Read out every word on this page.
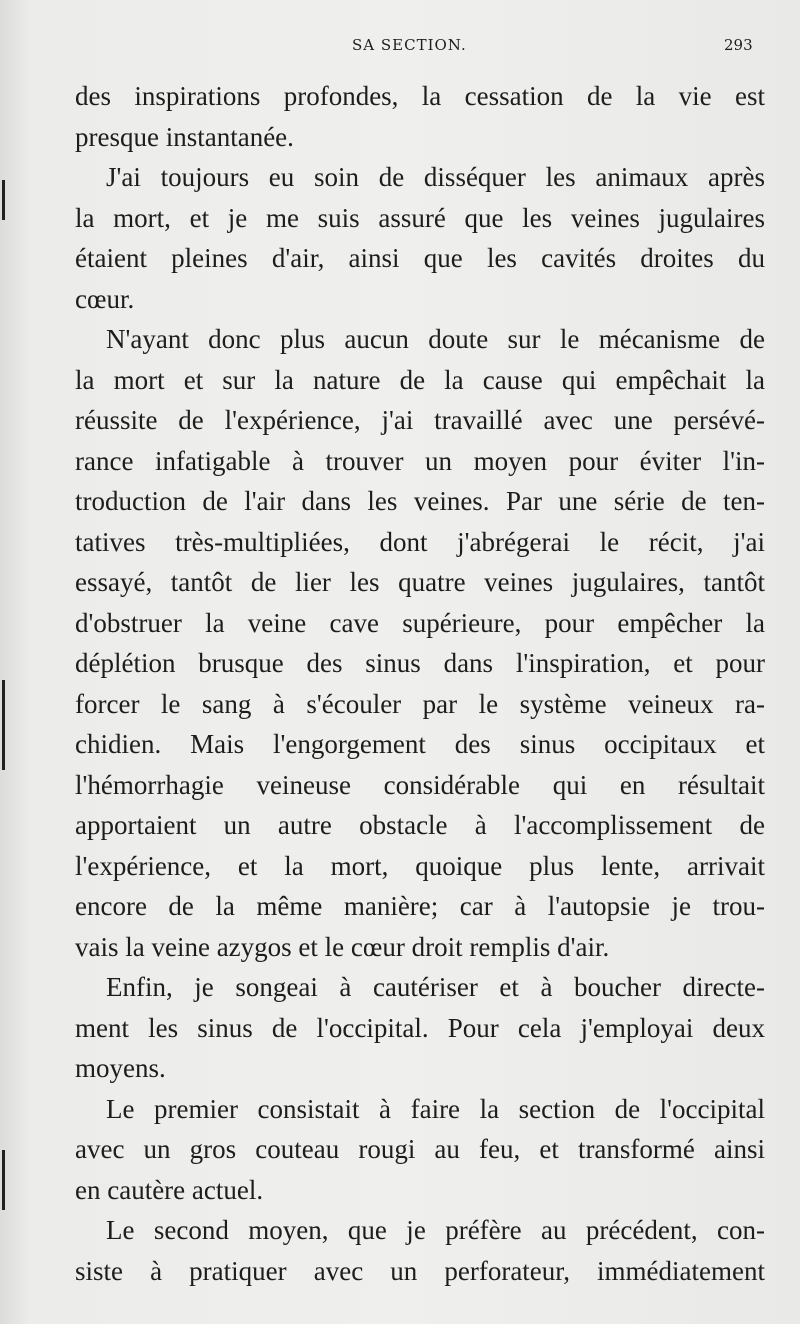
SA SECTION.	293
des inspirations profondes, la cessation de la vie est
presque instantanée.
J'ai toujours eu soin de disséquer les animaux après
la mort, et je me suis assuré que les veines jugulaires
étaient pleines d'air, ainsi que les cavités droites du
cœur.
N'ayant donc plus aucun doute sur le mécanisme de
la mort et sur la nature de la cause qui empêchait la
réussite de l'expérience, j'ai travaillé avec une persévé-
rance infatigable à trouver un moyen pour éviter l'in-
troduction de l'air dans les veines. Par une série de ten-
tatives très-multipliées, dont j'abrégerai le récit, j'ai
essayé, tantôt de lier les quatre veines jugulaires, tantôt
d'obstruer la veine cave supérieure, pour empêcher la
déplétion brusque des sinus dans l'inspiration, et pour
forcer le sang à s'écouler par le système veineux ra-
chidien. Mais l'engorgement des sinus occipitaux et
l'hémorrhagie veineuse considérable qui en résultait
apportaient un autre obstacle à l'accomplissement de
l'expérience, et la mort, quoique plus lente, arrivait
encore de la même manière; car à l'autopsie je trou-
vais la veine azygos et le cœur droit remplis d'air.
Enfin, je songeai à cautériser et à boucher directe-
ment les sinus de l'occipital. Pour cela j'employai deux
moyens.
Le premier consistait à faire la section de l'occipital
avec un gros couteau rougi au feu, et transformé ainsi
en cautère actuel.
Le second moyen, que je préfère au précédent, con-
siste à pratiquer avec un perforateur, immédiatement
